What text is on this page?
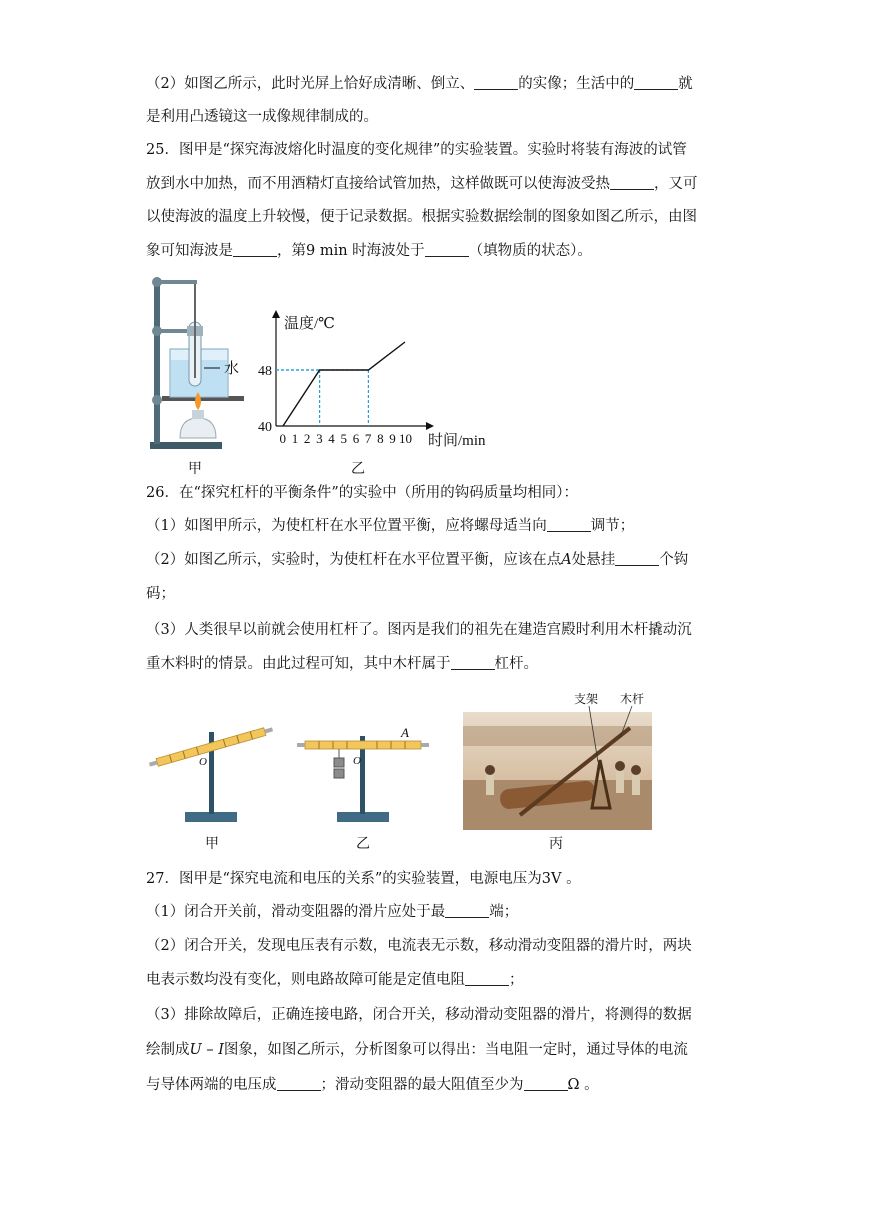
（2）如图乙所示，此时光屏上恰好成清晰、倒立、	的实像；生活中的	就
是利用凸透镜这一成像规律制成的。
25．图甲是“探究海波熔化时温度的变化规律”的实验装置。实验时将装有海波的试管
放到水中加热，而不用酒精灯直接给试管加热，这样做既可以使海波受热	，又可
以使海波的温度上升较慢，便于记录数据。根据实验数据绘制的图象如图乙所示，由图
象可知海波是	，第9 min 时海波处于	（填物质的状态）。
水
甲
温度/℃
时间/min
0 1 2 3 4 5 6 7 8 9 10
40
48
乙
26．在“探究杠杆的平衡条件”的实验中（所用的钩码质量均相同）：
（1）如图甲所示，为使杠杆在水平位置平衡，应将螺母适当向	调节；
（2）如图乙所示，实验时，为使杠杆在水平位置平衡，应该在点A处悬挂	个钩
码；
（3）人类很早以前就会使用杠杆了。图丙是我们的祖先在建造宫殿时利用木杆撬动沉
重木料时的情景。由此过程可知，其中木杆属于	杠杆。
O
甲
O
A
乙
支架 木杆
丙
27．图甲是“探究电流和电压的关系”的实验装置，电源电压为3V 。
（1）闭合开关前，滑动变阻器的滑片应处于最	端；
（2）闭合开关，发现电压表有示数，电流表无示数，移动滑动变阻器的滑片时，两块
电表示数均没有变化，则电路故障可能是定值电阻	；
（3）排除故障后，正确连接电路，闭合开关，移动滑动变阻器的滑片，将测得的数据
绘制成U – I图象，如图乙所示，分析图象可以得出：当电阻一定时，通过导体的电流
与导体两端的电压成	；滑动变阻器的最大阻值至少为	Ω 。
